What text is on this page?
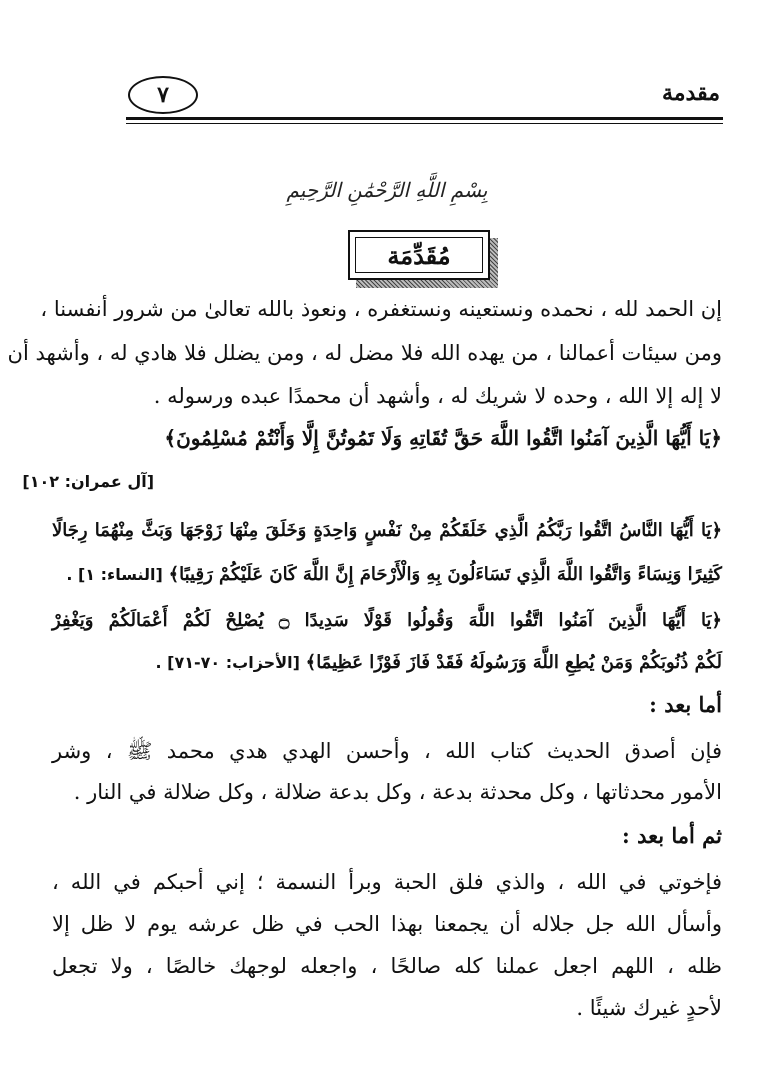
٧	مقدمة
بِسْمِ اللَّهِ الرَّحْمَٰنِ الرَّحِيمِ
مُقَدِّمَة
إن الحمد لله ، نحمده ونستعينه ونستغفره ، ونعوذ بالله تعالىٰ من شرور أنفسنا ،
ومن سيئات أعمالنا ، من يهده الله فلا مضل له ، ومن يضلل فلا هادي له ، وأشهد أن
لا إله إلا الله ، وحده لا شريك له ، وأشهد أن محمدًا عبده ورسوله .
﴿يَا أَيُّهَا الَّذِينَ آمَنُوا اتَّقُوا اللَّهَ حَقَّ تُقَاتِهِ وَلَا تَمُوتُنَّ إِلَّا وَأَنْتُمْ مُسْلِمُونَ﴾
[آل عمران: ١٠٢]
﴿يَا أَيُّهَا النَّاسُ اتَّقُوا رَبَّكُمُ الَّذِي خَلَقَكُمْ مِنْ نَفْسٍ وَاحِدَةٍ وَخَلَقَ مِنْهَا زَوْجَهَا وَبَثَّ مِنْهُمَا رِجَالًا
كَثِيرًا وَنِسَاءً وَاتَّقُوا اللَّهَ الَّذِي تَسَاءَلُونَ بِهِ وَالْأَرْحَامَ إِنَّ اللَّهَ كَانَ عَلَيْكُمْ رَقِيبًا﴾ [النساء: ١] .
﴿يَا أَيُّهَا الَّذِينَ آمَنُوا اتَّقُوا اللَّهَ وَقُولُوا قَوْلًا سَدِيدًا ۝ يُصْلِحْ لَكُمْ أَعْمَالَكُمْ وَيَغْفِرْ
لَكُمْ ذُنُوبَكُمْ وَمَنْ يُطِعِ اللَّهَ وَرَسُولَهُ فَقَدْ فَازَ فَوْزًا عَظِيمًا﴾ [الأحزاب: ٧٠-٧١] .
أما بعد :
فإن أصدق الحديث كتاب الله ، وأحسن الهدي هدي محمد ﷺ ، وشر
الأمور محدثاتها ، وكل محدثة بدعة ، وكل بدعة ضلالة ، وكل ضلالة في النار .
ثم أما بعد :
فإخوتي في الله ، والذي فلق الحبة وبرأ النسمة ؛ إني أحبكم في الله ،
وأسأل الله جل جلاله أن يجمعنا بهذا الحب في ظل عرشه يوم لا ظل إلا
ظله ، اللهم اجعل عملنا كله صالحًا ، واجعله لوجهك خالصًا ، ولا تجعل
لأحدٍ غيرك شيئًا .
